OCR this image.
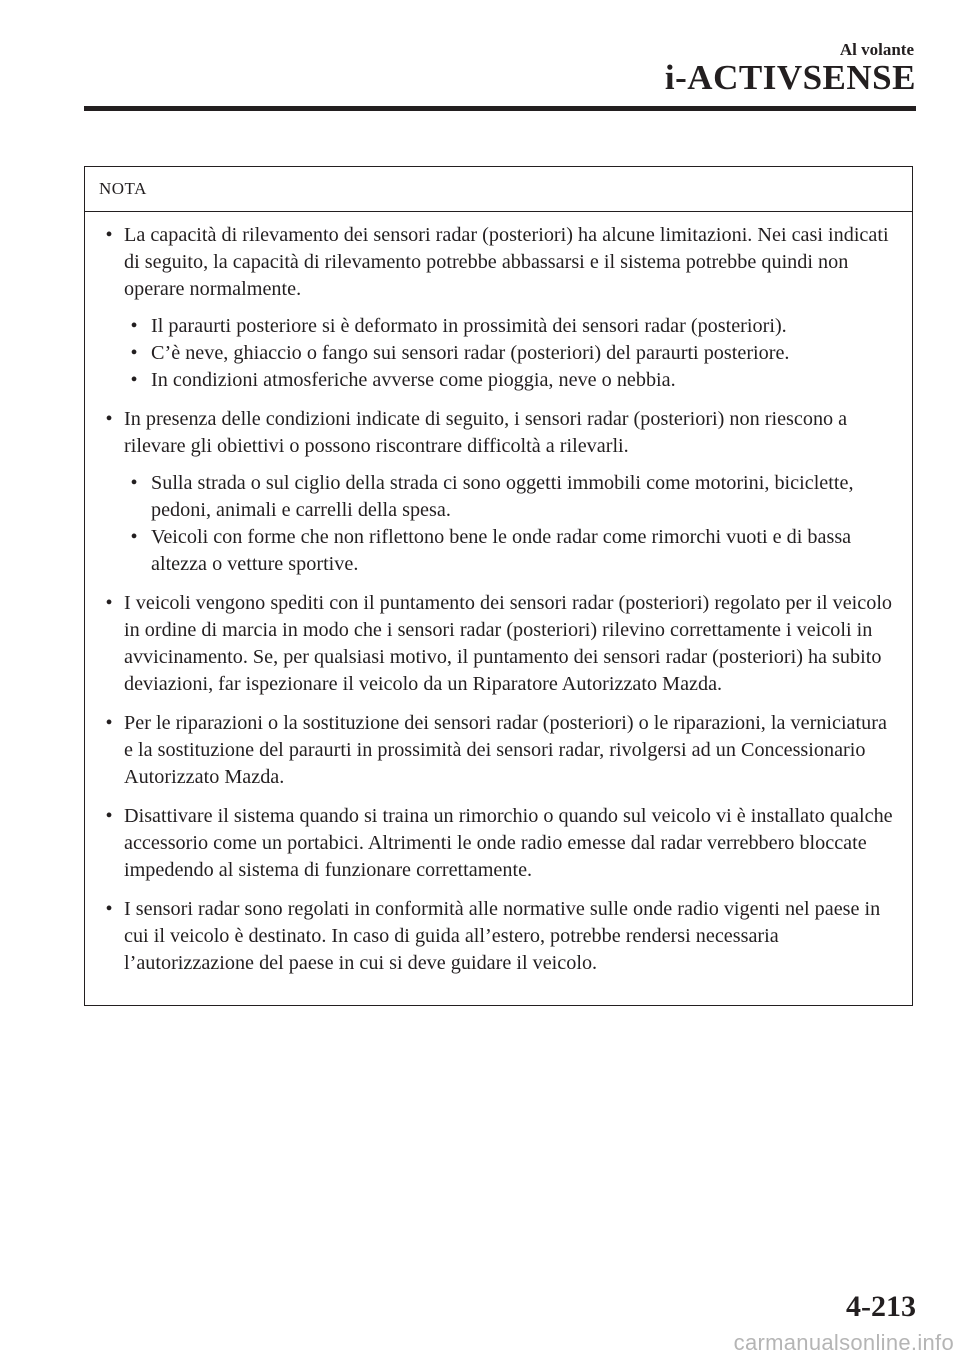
Al volante
i-ACTIVSENSE
NOTA
• La capacità di rilevamento dei sensori radar (posteriori) ha alcune limitazioni. Nei casi indicati di seguito, la capacità di rilevamento potrebbe abbassarsi e il sistema potrebbe quindi non operare normalmente.
• Il paraurti posteriore si è deformato in prossimità dei sensori radar (posteriori).
• C’è neve, ghiaccio o fango sui sensori radar (posteriori) del paraurti posteriore.
• In condizioni atmosferiche avverse come pioggia, neve o nebbia.
• In presenza delle condizioni indicate di seguito, i sensori radar (posteriori) non riescono a rilevare gli obiettivi o possono riscontrare difficoltà a rilevarli.
• Sulla strada o sul ciglio della strada ci sono oggetti immobili come motorini, biciclette, pedoni, animali e carrelli della spesa.
• Veicoli con forme che non riflettono bene le onde radar come rimorchi vuoti e di bassa altezza o vetture sportive.
• I veicoli vengono spediti con il puntamento dei sensori radar (posteriori) regolato per il veicolo in ordine di marcia in modo che i sensori radar (posteriori) rilevino correttamente i veicoli in avvicinamento. Se, per qualsiasi motivo, il puntamento dei sensori radar (posteriori) ha subito deviazioni, far ispezionare il veicolo da un Riparatore Autorizzato Mazda.
• Per le riparazioni o la sostituzione dei sensori radar (posteriori) o le riparazioni, la verniciatura e la sostituzione del paraurti in prossimità dei sensori radar, rivolgersi ad un Concessionario Autorizzato Mazda.
• Disattivare il sistema quando si traina un rimorchio o quando sul veicolo vi è installato qualche accessorio come un portabici. Altrimenti le onde radio emesse dal radar verrebbero bloccate impedendo al sistema di funzionare correttamente.
• I sensori radar sono regolati in conformità alle normative sulle onde radio vigenti nel paese in cui il veicolo è destinato. In caso di guida all’estero, potrebbe rendersi necessaria l’autorizzazione del paese in cui si deve guidare il veicolo.
4-213
carmanualsonline.info
